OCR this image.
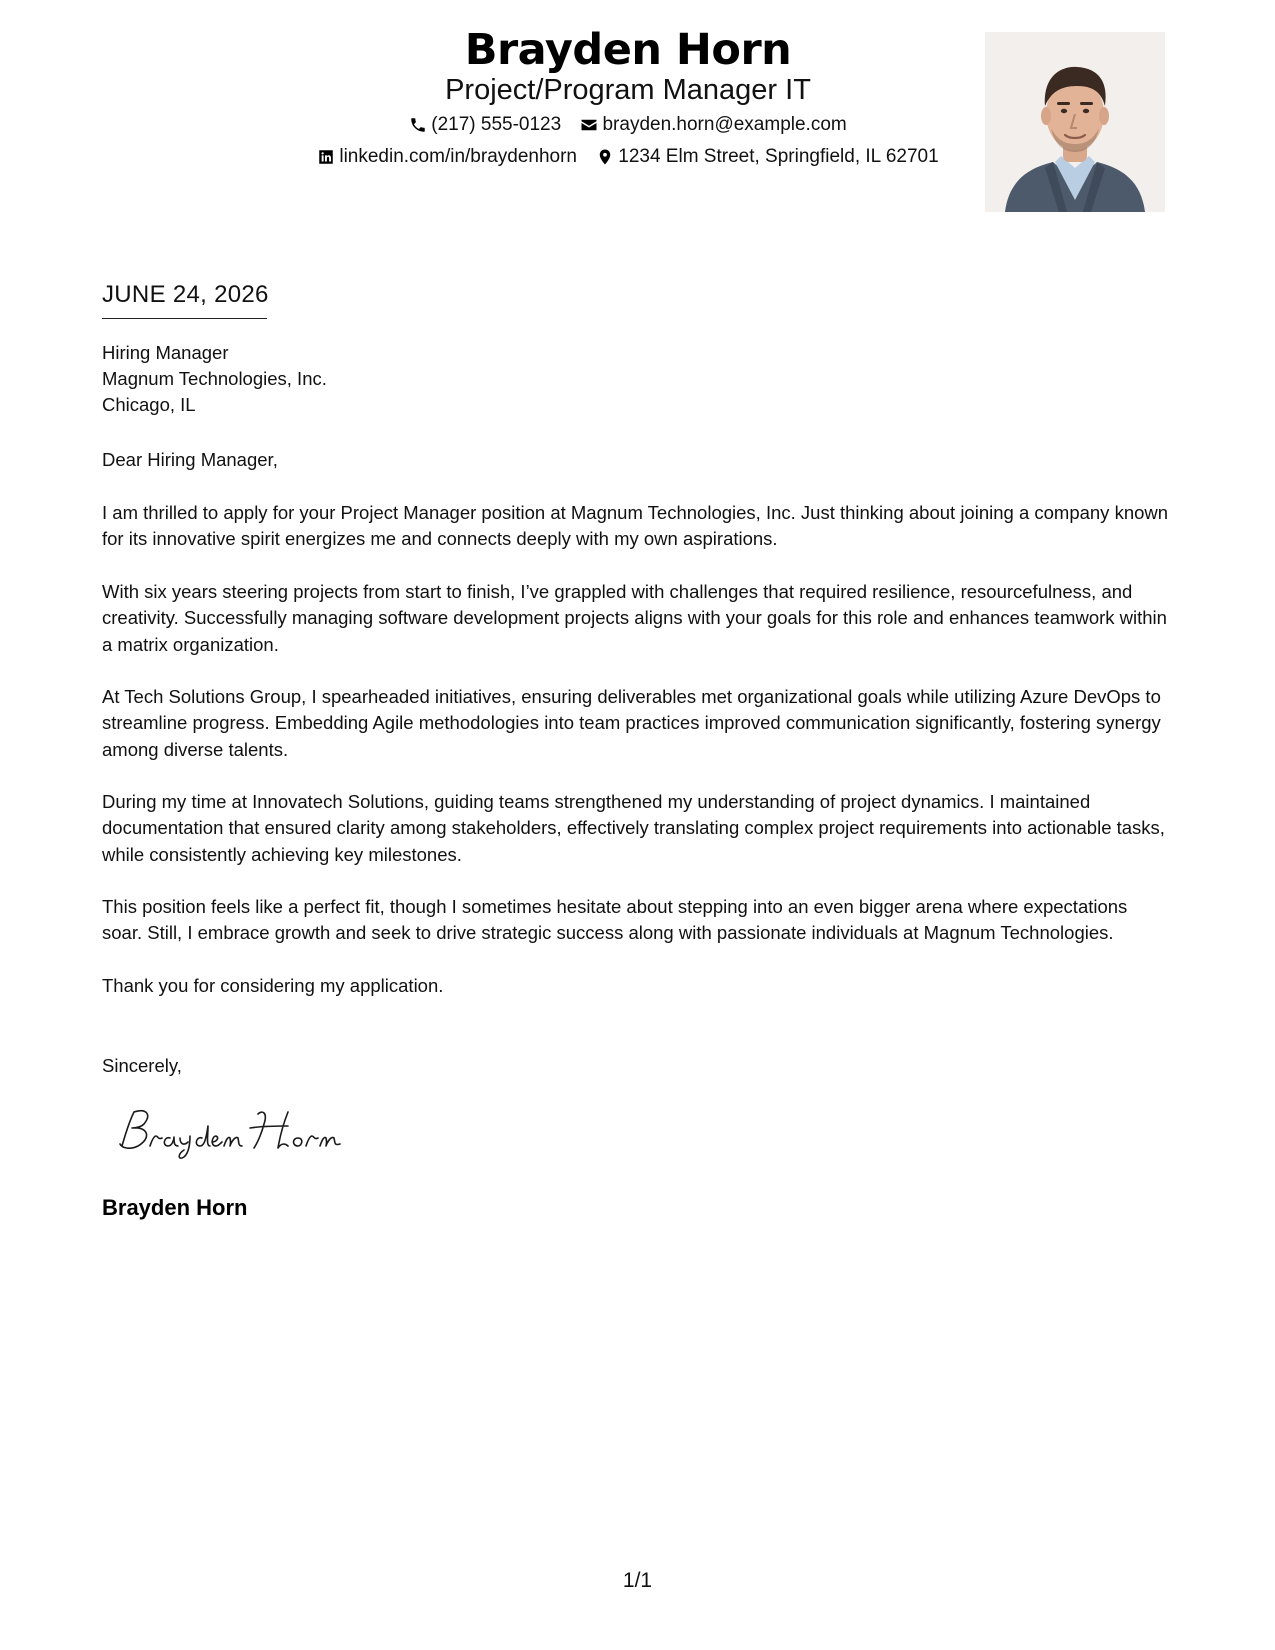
Brayden Horn
Project/Program Manager IT
(217) 555-0123
brayden.horn@example.com
linkedin.com/in/braydenhorn
1234 Elm Street, Springfield, IL 62701
JUNE 24, 2026
Hiring Manager
Magnum Technologies, Inc.
Chicago, IL
Dear Hiring Manager,

I am thrilled to apply for your Project Manager position at Magnum Technologies, Inc. Just thinking about joining a company known for its innovative spirit energizes me and connects deeply with my own aspirations.

With six years steering projects from start to finish, I’ve grappled with challenges that required resilience, resourcefulness, and creativity. Successfully managing software development projects aligns with your goals for this role and enhances teamwork within a matrix organization.

At Tech Solutions Group, I spearheaded initiatives, ensuring deliverables met organizational goals while utilizing Azure DevOps to streamline progress. Embedding Agile methodologies into team practices improved communication significantly, fostering synergy among diverse talents.

During my time at Innovatech Solutions, guiding teams strengthened my understanding of project dynamics. I maintained documentation that ensured clarity among stakeholders, effectively translating complex project requirements into actionable tasks, while consistently achieving key milestones.

This position feels like a perfect fit, though I sometimes hesitate about stepping into an even bigger arena where expectations soar. Still, I embrace growth and seek to drive strategic success along with passionate individuals at Magnum Technologies.

Thank you for considering my application.

Sincerely,
Brayden Horn
1/1
